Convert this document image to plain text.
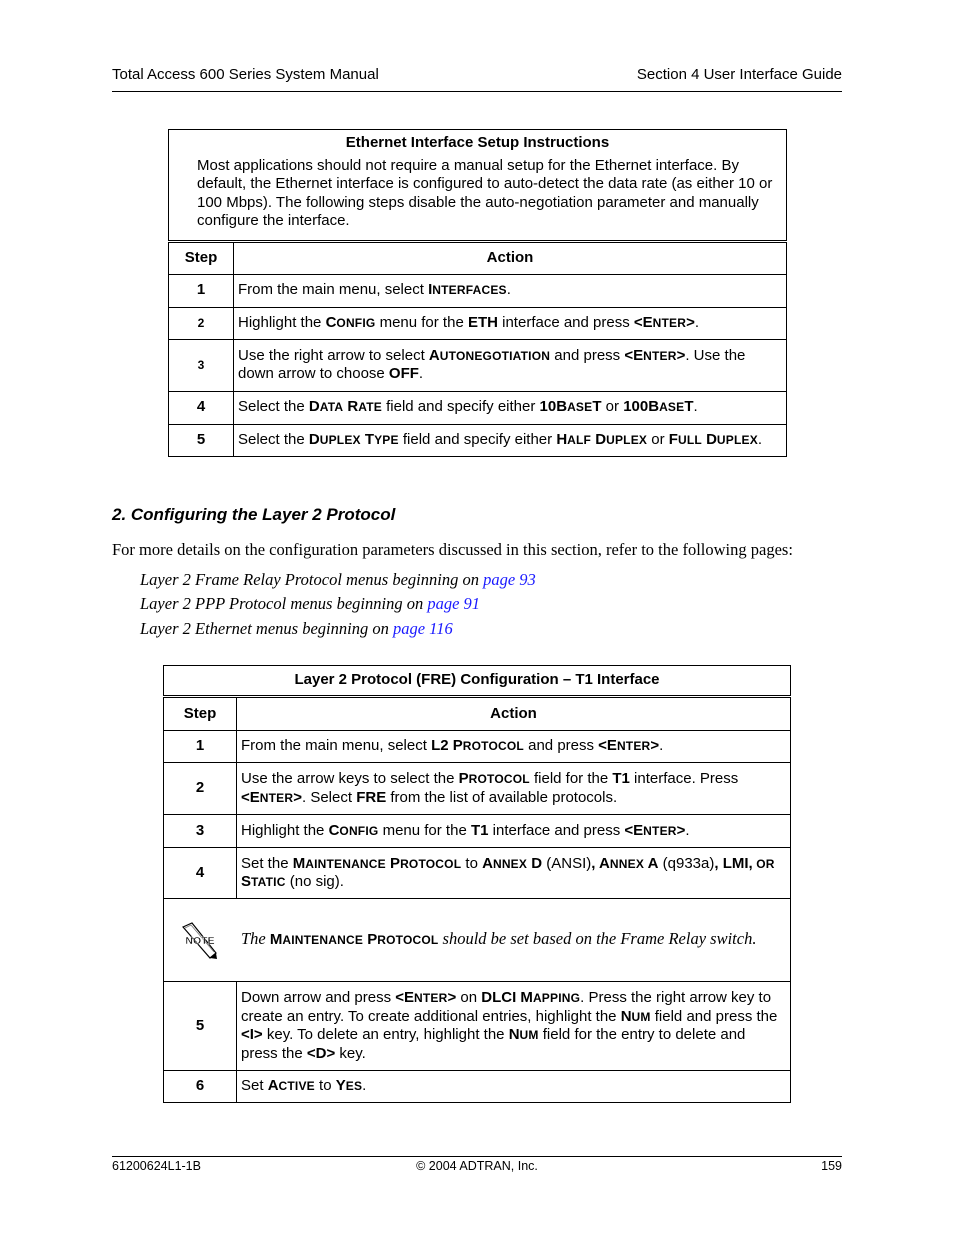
Total Access 600 Series System Manual	Section 4 User Interface Guide
Ethernet Interface Setup Instructions
Most applications should not require a manual setup for the Ethernet interface. By default, the Ethernet interface is configured to auto-detect the data rate (as either 10 or 100 Mbps). The following steps disable the auto-negotiation parameter and manually configure the interface.	

Step	Action
1	From the main menu, select INTERFACES.
2	Highlight the CONFIG menu for the ETH interface and press <ENTER>.
3	Use the right arrow to select AUTONEGOTIATION and press <ENTER>. Use the down arrow to choose OFF.
4	Select the DATA RATE field and specify either 10BASET or 100BASET.
5	Select the DUPLEX TYPE field and specify either HALF DUPLEX or FULL DUPLEX.
2. Configuring the Layer 2 Protocol
For more details on the configuration parameters discussed in this section, refer to the following pages:
Layer 2 Frame Relay Protocol menus beginning on page 93
Layer 2 PPP Protocol menus beginning on page 91
Layer 2 Ethernet menus beginning on page 116
Layer 2 Protocol (FRE) Configuration – T1 Interface	
Step	Action
1	From the main menu, select L2 PROTOCOL and press <ENTER>.
2	Use the arrow keys to select the PROTOCOL field for the T1 interface. Press <ENTER>. Select FRE from the list of available protocols.
3	Highlight the CONFIG menu for the T1 interface and press <ENTER>.
4	Set the MAINTENANCE PROTOCOL to ANNEX D (ANSI), ANNEX A (q933a), LMI, OR
STATIC (no sig).

NOTE The MAINTENANCE PROTOCOL should be set based on the Frame Relay switch.	

5	Down arrow and press <ENTER> on DLCI MAPPING. Press the right arrow key to create an entry. To create additional entries, highlight the NUM field and press the <I> key. To delete an entry, highlight the NUM field for the entry to delete and press the <D> key.
6	Set ACTIVE to YES.
61200624L1-1B	© 2004 ADTRAN, Inc.	159
